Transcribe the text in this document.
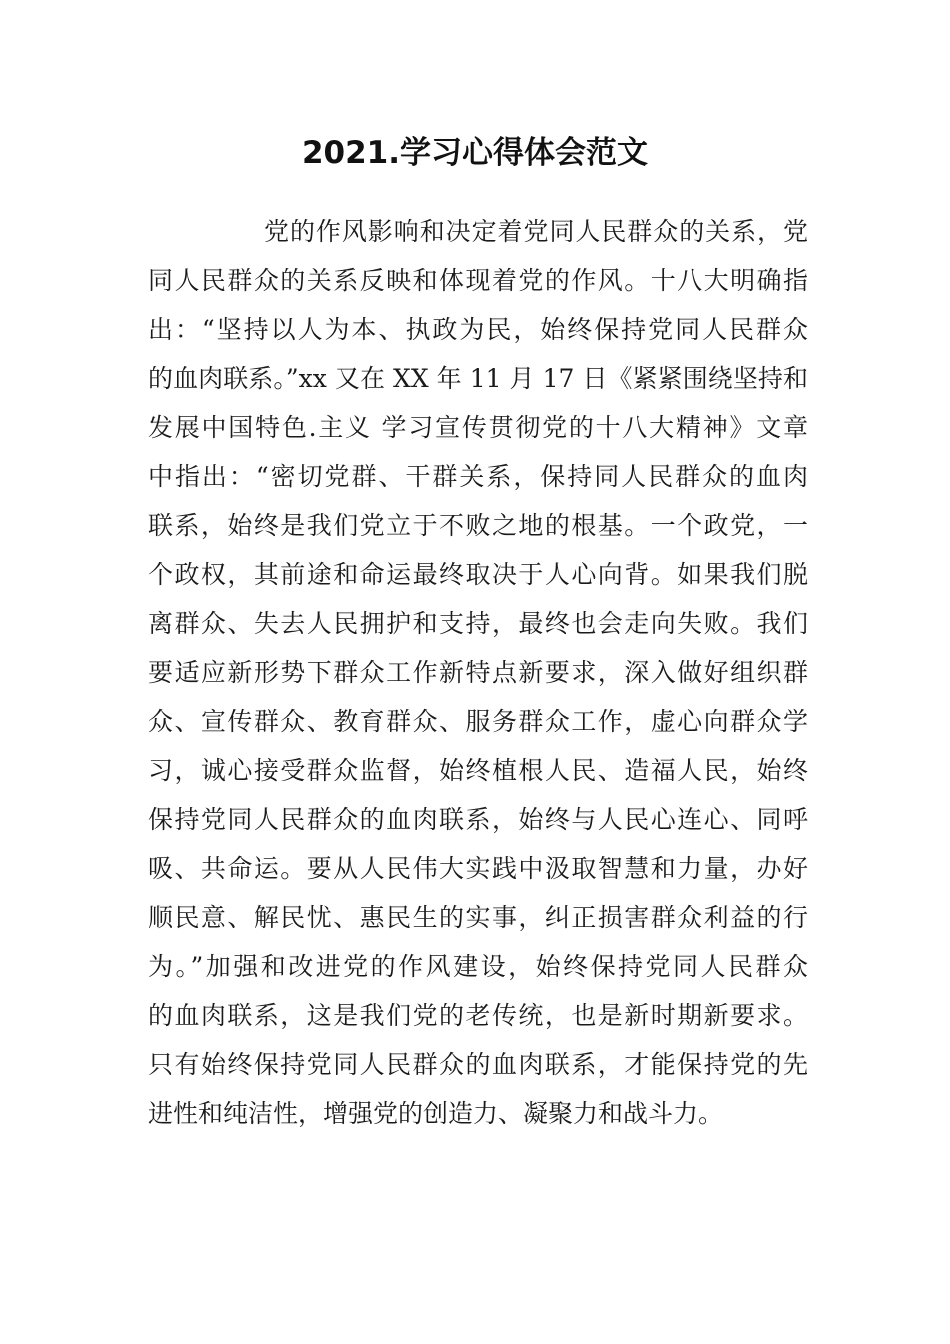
2021.学习心得体会范文
党的作风影响和决定着党同人民群众的关系，党
同人民群众的关系反映和体现着党的作风。十八大明确指
出：“坚持以人为本、执政为民，始终保持党同人民群众
的血肉联系。”xx 又在 XX 年 11 月 17 日《紧紧围绕坚持和
发展中国特色.主义 学习宣传贯彻党的十八大精神》文章
中指出：“密切党群、干群关系，保持同人民群众的血肉
联系，始终是我们党立于不败之地的根基。一个政党，一
个政权，其前途和命运最终取决于人心向背。如果我们脱
离群众、失去人民拥护和支持，最终也会走向失败。我们
要适应新形势下群众工作新特点新要求，深入做好组织群
众、宣传群众、教育群众、服务群众工作，虚心向群众学
习，诚心接受群众监督，始终植根人民、造福人民，始终
保持党同人民群众的血肉联系，始终与人民心连心、同呼
吸、共命运。要从人民伟大实践中汲取智慧和力量，办好
顺民意、解民忧、惠民生的实事，纠正损害群众利益的行
为。”加强和改进党的作风建设，始终保持党同人民群众
的血肉联系，这是我们党的老传统，也是新时期新要求。
只有始终保持党同人民群众的血肉联系，才能保持党的先
进性和纯洁性，增强党的创造力、凝聚力和战斗力。
